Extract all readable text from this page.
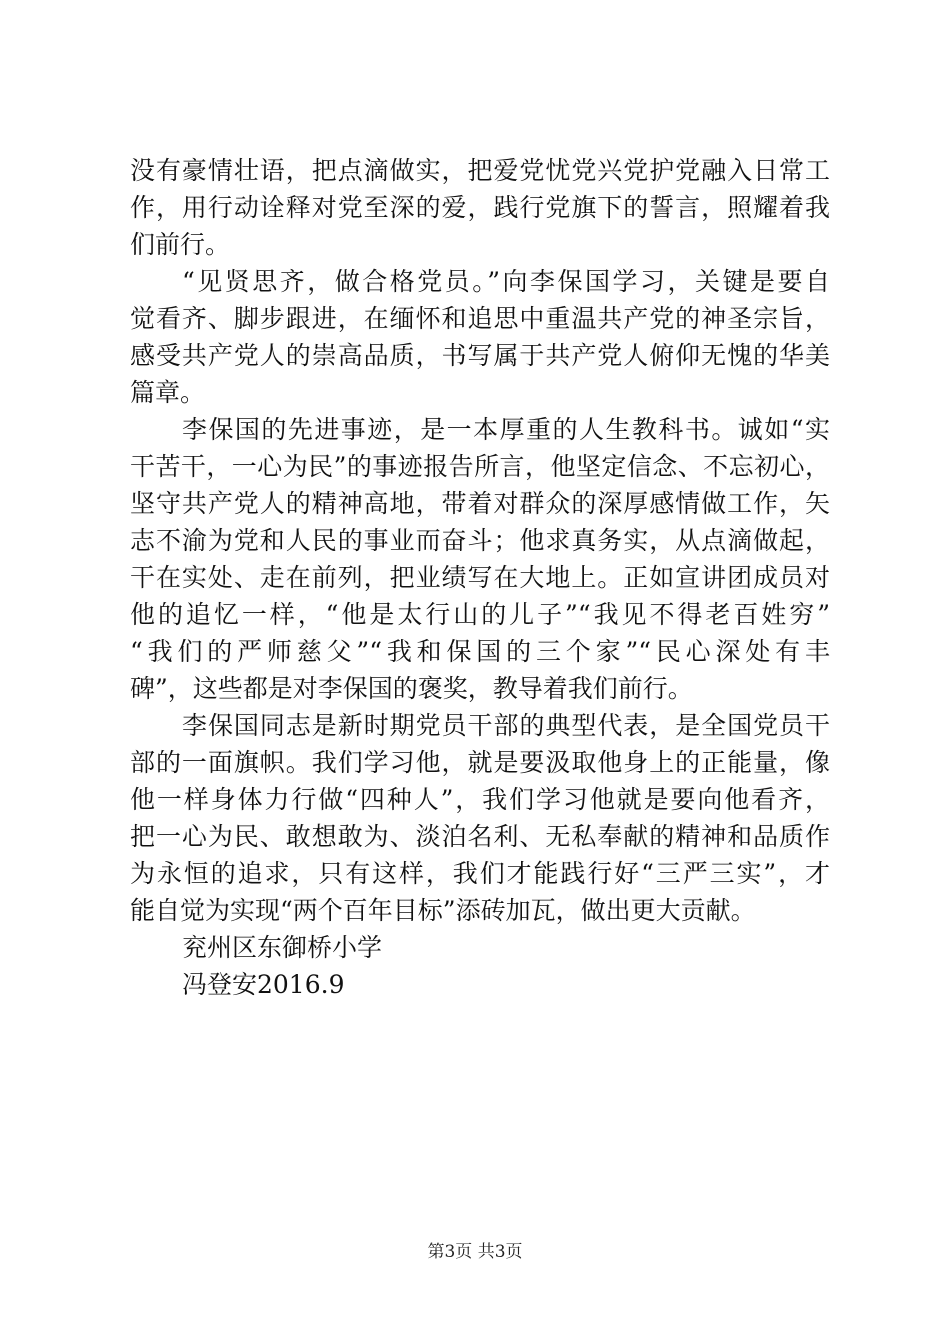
没有豪情壮语，把点滴做实，把爱党忧党兴党护党融入日常工
作，用行动诠释对党至深的爱，践行党旗下的誓言，照耀着我
们前行。
“见贤思齐，做合格党员。”向李保国学习，关键是要自
觉看齐、脚步跟进，在缅怀和追思中重温共产党的神圣宗旨，
感受共产党人的崇高品质，书写属于共产党人俯仰无愧的华美
篇章。
李保国的先进事迹，是一本厚重的人生教科书。诚如“实
干苦干，一心为民”的事迹报告所言，他坚定信念、不忘初心，
坚守共产党人的精神高地，带着对群众的深厚感情做工作，矢
志不渝为党和人民的事业而奋斗；他求真务实，从点滴做起，
干在实处、走在前列，把业绩写在大地上。正如宣讲团成员对
他的追忆一样，“他是太行山的儿子”“我见不得老百姓穷”
“我们的严师慈父”“我和保国的三个家”“民心深处有丰
碑”，这些都是对李保国的褒奖，教导着我们前行。
李保国同志是新时期党员干部的典型代表，是全国党员干
部的一面旗帜。我们学习他，就是要汲取他身上的正能量，像
他一样身体力行做“四种人”，我们学习他就是要向他看齐，
把一心为民、敢想敢为、淡泊名利、无私奉献的精神和品质作
为永恒的追求，只有这样，我们才能践行好“三严三实”，才
能自觉为实现“两个百年目标”添砖加瓦，做出更大贡献。
兖州区东御桥小学
冯登安2016.9
第3页 共3页
